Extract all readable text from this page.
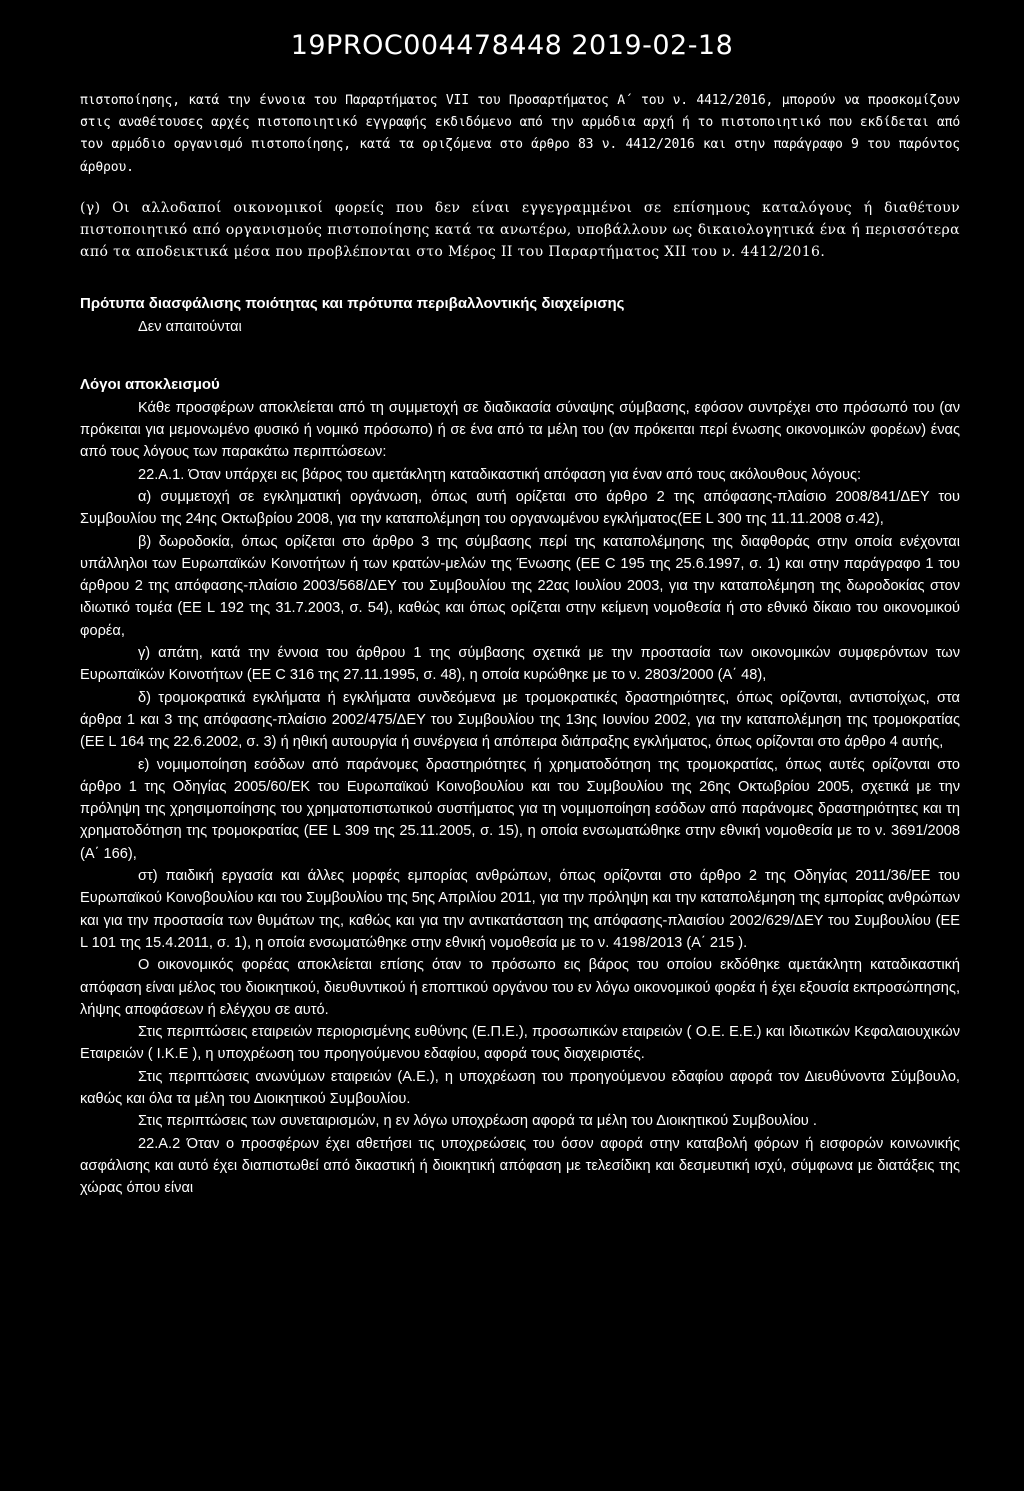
19PROC004478448 2019-02-18

πιστοποίησης, κατά την έννοια του Παραρτήματος VII του Προσαρτήματος Α΄ του ν. 4412/2016, μπορούν να προσκομίζουν στις αναθέτουσες αρχές πιστοποιητικό εγγραφής εκδιδόμενο από την αρμόδια αρχή ή το πιστοποιητικό που εκδίδεται από τον αρμόδιο οργανισμό πιστοποίησης, κατά τα οριζόμενα στο άρθρο 83 ν. 4412/2016 και στην παράγραφο 9 του παρόντος άρθρου.

(γ) Οι αλλοδαποί οικονομικοί φορείς που δεν είναι εγγεγραμμένοι σε επίσημους καταλόγους ή διαθέτουν πιστοποιητικό από οργανισμούς πιστοποίησης κατά τα ανωτέρω, υποβάλλουν ως δικαιολογητικά ένα ή περισσότερα από τα αποδεικτικά μέσα που προβλέπονται στο Μέρος ΙΙ του Παραρτήματος XII του ν. 4412/2016.

Πρότυπα διασφάλισης ποιότητας και πρότυπα περιβαλλοντικής διαχείρισης

Δεν απαιτούνται

Λόγοι αποκλεισμού

Κάθε προσφέρων αποκλείεται από τη συμμετοχή σε διαδικασία σύναψης σύμβασης, εφόσον συντρέχει στο πρόσωπό του (αν πρόκειται για μεμονωμένο φυσικό ή νομικό πρόσωπο) ή σε ένα από τα μέλη του (αν πρόκειται περί ένωσης οικονομικών φορέων) ένας από τους λόγους των παρακάτω περιπτώσεων:

22.Α.1. Όταν υπάρχει εις βάρος του αμετάκλητη καταδικαστική απόφαση για έναν από τους ακόλουθους λόγους:

α) συμμετοχή σε εγκληματική οργάνωση, όπως αυτή ορίζεται στο άρθρο 2 της απόφασης-πλαίσιο 2008/841/ΔΕΥ του Συμβουλίου της 24ης Οκτωβρίου 2008, για την καταπολέμηση του οργανωμένου εγκλήματος(ΕΕ L 300 της 11.11.2008 σ.42),

β) δωροδοκία, όπως ορίζεται στο άρθρο 3 της σύμβασης περί της καταπολέμησης της διαφθοράς στην οποία ενέχονται υπάλληλοι των Ευρωπαϊκών Κοινοτήτων ή των κρατών-μελών της Ένωσης (ΕΕ C 195 της 25.6.1997, σ. 1) και στην παράγραφο 1 του άρθρου 2 της απόφασης-πλαίσιο 2003/568/ΔΕΥ του Συμβουλίου της 22ας Ιουλίου 2003, για την καταπολέμηση της δωροδοκίας στον ιδιωτικό τομέα (ΕΕ L 192 της 31.7.2003, σ. 54), καθώς και όπως ορίζεται στην κείμενη νομοθεσία ή στο εθνικό δίκαιο του οικονομικού φορέα,

γ) απάτη, κατά την έννοια του άρθρου 1 της σύμβασης σχετικά με την προστασία των οικονομικών συμφερόντων των Ευρωπαϊκών Κοινοτήτων (ΕΕ C 316 της 27.11.1995, σ. 48), η οποία κυρώθηκε με το ν. 2803/2000 (Α΄ 48),

δ) τρομοκρατικά εγκλήματα ή εγκλήματα συνδεόμενα με τρομοκρατικές δραστηριότητες, όπως ορίζονται, αντιστοίχως, στα άρθρα 1 και 3 της απόφασης-πλαίσιο 2002/475/ΔΕΥ του Συμβουλίου της 13ης Ιουνίου 2002, για την καταπολέμηση της τρομοκρατίας (ΕΕ L 164 της 22.6.2002, σ. 3) ή ηθική αυτουργία ή συνέργεια ή απόπειρα διάπραξης εγκλήματος, όπως ορίζονται στο άρθρο 4 αυτής,

ε) νομιμοποίηση εσόδων από παράνομες δραστηριότητες ή χρηματοδότηση της τρομοκρατίας, όπως αυτές ορίζονται στο άρθρο 1 της Οδηγίας 2005/60/ΕΚ του Ευρωπαϊκού Κοινοβουλίου και του Συμβουλίου της 26ης Οκτωβρίου 2005, σχετικά με την πρόληψη της χρησιμοποίησης του χρηματοπιστωτικού συστήματος για τη νομιμοποίηση εσόδων από παράνομες δραστηριότητες και τη χρηματοδότηση της τρομοκρατίας (ΕΕ L 309 της 25.11.2005, σ. 15), η οποία ενσωματώθηκε στην εθνική νομοθεσία με το ν. 3691/2008 (Α΄ 166),

στ) παιδική εργασία και άλλες μορφές εμπορίας ανθρώπων, όπως ορίζονται στο άρθρο 2 της Οδηγίας 2011/36/ΕΕ του Ευρωπαϊκού Κοινοβουλίου και του Συμβουλίου της 5ης Απριλίου 2011, για την πρόληψη και την καταπολέμηση της εμπορίας ανθρώπων και για την προστασία των θυμάτων της, καθώς και για την αντικατάσταση της απόφασης-πλαισίου 2002/629/ΔΕΥ του Συμβουλίου (ΕΕ L 101 της 15.4.2011, σ. 1), η οποία ενσωματώθηκε στην εθνική νομοθεσία με το ν. 4198/2013 (Α΄ 215 ).

Ο οικονομικός φορέας αποκλείεται επίσης όταν το πρόσωπο εις βάρος του οποίου εκδόθηκε αμετάκλητη καταδικαστική απόφαση είναι μέλος του διοικητικού, διευθυντικού ή εποπτικού οργάνου του εν λόγω οικονομικού φορέα ή έχει εξουσία εκπροσώπησης, λήψης αποφάσεων ή ελέγχου σε αυτό.

Στις περιπτώσεις εταιρειών περιορισμένης ευθύνης (Ε.Π.Ε.), προσωπικών εταιρειών ( Ο.Ε. Ε.Ε.) και Ιδιωτικών Κεφαλαιουχικών Εταιρειών ( Ι.Κ.Ε ), η υποχρέωση του προηγούμενου εδαφίου, αφορά τους διαχειριστές.

Στις περιπτώσεις ανωνύμων εταιρειών (Α.Ε.), η υποχρέωση του προηγούμενου εδαφίου αφορά τον Διευθύνοντα Σύμβουλο, καθώς και όλα τα μέλη του Διοικητικού Συμβουλίου.

Στις περιπτώσεις των συνεταιρισμών, η εν λόγω υποχρέωση αφορά τα μέλη του Διοικητικού Συμβουλίου .

22.Α.2 Όταν ο προσφέρων έχει αθετήσει τις υποχρεώσεις του όσον αφορά στην καταβολή φόρων ή εισφορών κοινωνικής ασφάλισης και αυτό έχει διαπιστωθεί από δικαστική ή διοικητική απόφαση με τελεσίδικη και δεσμευτική ισχύ, σύμφωνα με διατάξεις της χώρας όπου είναι
